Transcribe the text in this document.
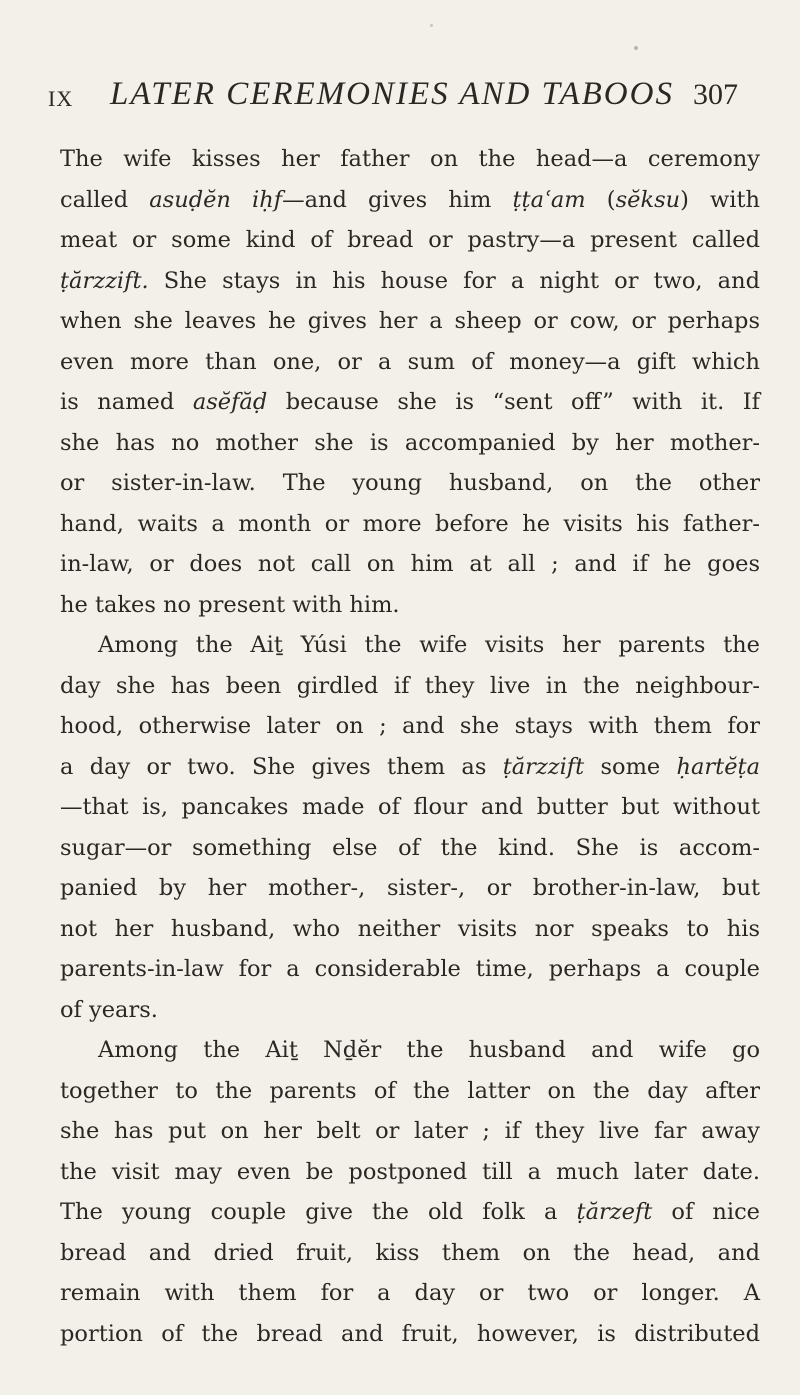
IX LATER CEREMONIES AND TABOOS 307
The wife kisses her father on the head—a ceremony
called asuḍĕn iḥf—and gives him ṭṭaʿam (sĕksu) with
meat or some kind of bread or pastry—a present called
ṭărzzift. She stays in his house for a night or two, and
when she leaves he gives her a sheep or cow, or perhaps
even more than one, or a sum of money—a gift which
is named asĕfăḍ because she is “sent off” with it. If
she has no mother she is accompanied by her mother-
or sister-in-law. The young husband, on the other
hand, waits a month or more before he visits his father-
in-law, or does not call on him at all ; and if he goes
he takes no present with him.
Among the Aiṯ Yúsi the wife visits her parents the
day she has been girdled if they live in the neighbour-
hood, otherwise later on ; and she stays with them for
a day or two. She gives them as ṭărzzift some ḥartĕṭa
—that is, pancakes made of flour and butter but without
sugar—or something else of the kind. She is accom-
panied by her mother-, sister-, or brother-in-law, but
not her husband, who neither visits nor speaks to his
parents-in-law for a considerable time, perhaps a couple
of years.
Among the Aiṯ Nḏĕr the husband and wife go
together to the parents of the latter on the day after
she has put on her belt or later ; if they live far away
the visit may even be postponed till a much later date.
The young couple give the old folk a ṭărzeft of nice
bread and dried fruit, kiss them on the head, and
remain with them for a day or two or longer. A
portion of the bread and fruit, however, is distributed
